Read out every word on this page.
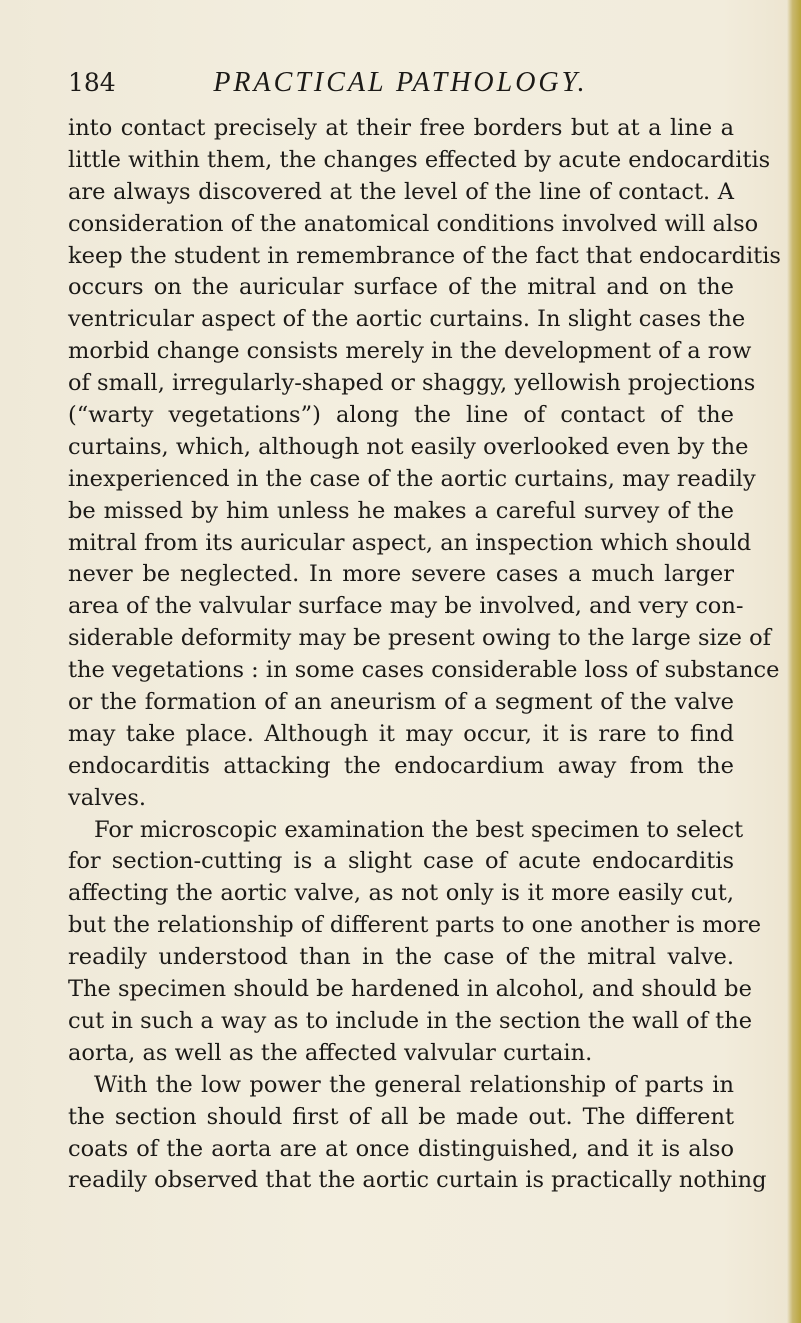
184	PRACTICAL PATHOLOGY.
into contact precisely at their free borders but at a line a
little within them, the changes effected by acute endocarditis
are always discovered at the level of the line of contact. A
consideration of the anatomical conditions involved will also
keep the student in remembrance of the fact that endocarditis
occurs on the auricular surface of the mitral and on the
ventricular aspect of the aortic curtains. In slight cases the
morbid change consists merely in the development of a row
of small, irregularly-shaped or shaggy, yellowish projections
(“warty vegetations”) along the line of contact of the
curtains, which, although not easily overlooked even by the
inexperienced in the case of the aortic curtains, may readily
be missed by him unless he makes a careful survey of the
mitral from its auricular aspect, an inspection which should
never be neglected. In more severe cases a much larger
area of the valvular surface may be involved, and very con-
siderable deformity may be present owing to the large size of
the vegetations : in some cases considerable loss of substance
or the formation of an aneurism of a segment of the valve
may take place. Although it may occur, it is rare to find
endocarditis attacking the endocardium away from the
valves.
For microscopic examination the best specimen to select
for section-cutting is a slight case of acute endocarditis
affecting the aortic valve, as not only is it more easily cut,
but the relationship of different parts to one another is more
readily understood than in the case of the mitral valve.
The specimen should be hardened in alcohol, and should be
cut in such a way as to include in the section the wall of the
aorta, as well as the affected valvular curtain.
With the low power the general relationship of parts in
the section should first of all be made out. The different
coats of the aorta are at once distinguished, and it is also
readily observed that the aortic curtain is practically nothing
